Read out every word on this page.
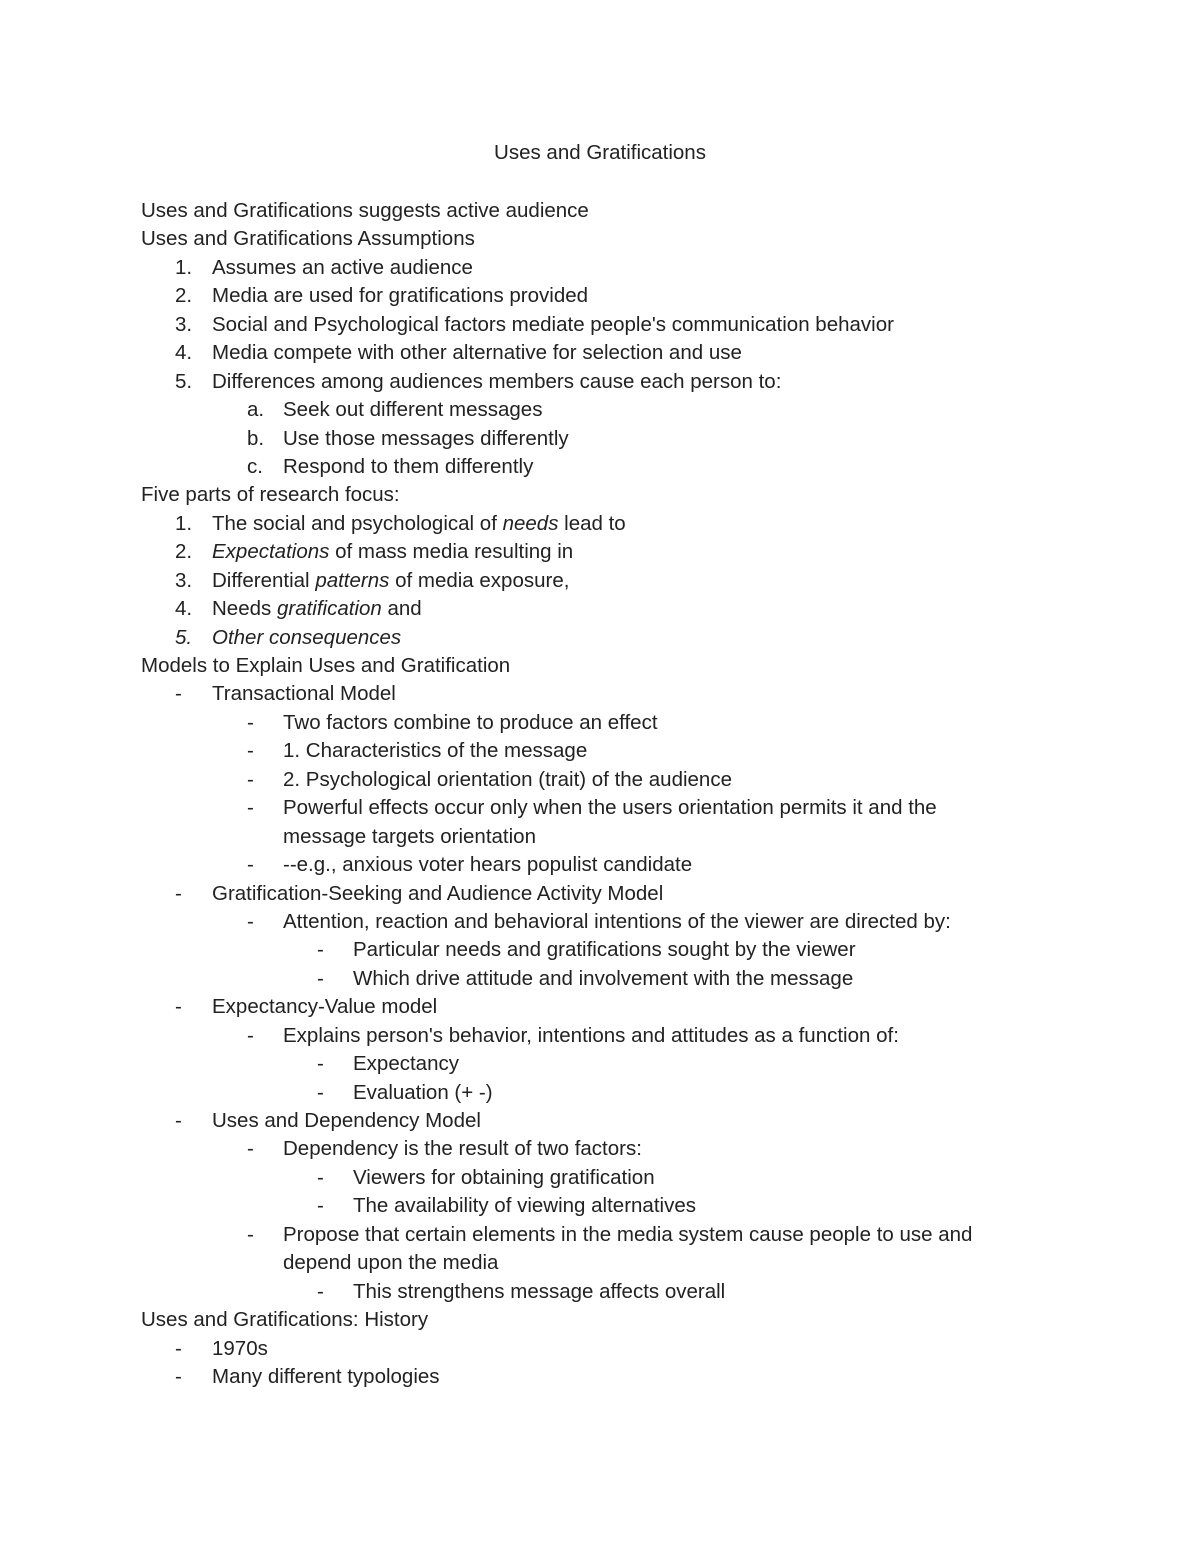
Uses and Gratifications
Uses and Gratifications suggests active audience
Uses and Gratifications Assumptions
1. Assumes an active audience
2. Media are used for gratifications provided
3. Social and Psychological factors mediate people's communication behavior
4. Media compete with other alternative for selection and use
5. Differences among audiences members cause each person to:
a. Seek out different messages
b. Use those messages differently
c. Respond to them differently
Five parts of research focus:
1. The social and psychological of needs lead to
2. Expectations of mass media resulting in
3. Differential patterns of media exposure,
4. Needs gratification and
5. Other consequences
Models to Explain Uses and Gratification
- Transactional Model
- Two factors combine to produce an effect
- 1. Characteristics of the message
- 2. Psychological orientation (trait) of the audience
- Powerful effects occur only when the users orientation permits it and the
message targets orientation
- --e.g., anxious voter hears populist candidate
- Gratification-Seeking and Audience Activity Model
- Attention, reaction and behavioral intentions of the viewer are directed by:
- Particular needs and gratifications sought by the viewer
- Which drive attitude and involvement with the message
- Expectancy-Value model
- Explains person's behavior, intentions and attitudes as a function of:
- Expectancy
- Evaluation (+ -)
- Uses and Dependency Model
- Dependency is the result of two factors:
- Viewers for obtaining gratification
- The availability of viewing alternatives
- Propose that certain elements in the media system cause people to use and
depend upon the media
- This strengthens message affects overall
Uses and Gratifications: History
- 1970s
- Many different typologies
